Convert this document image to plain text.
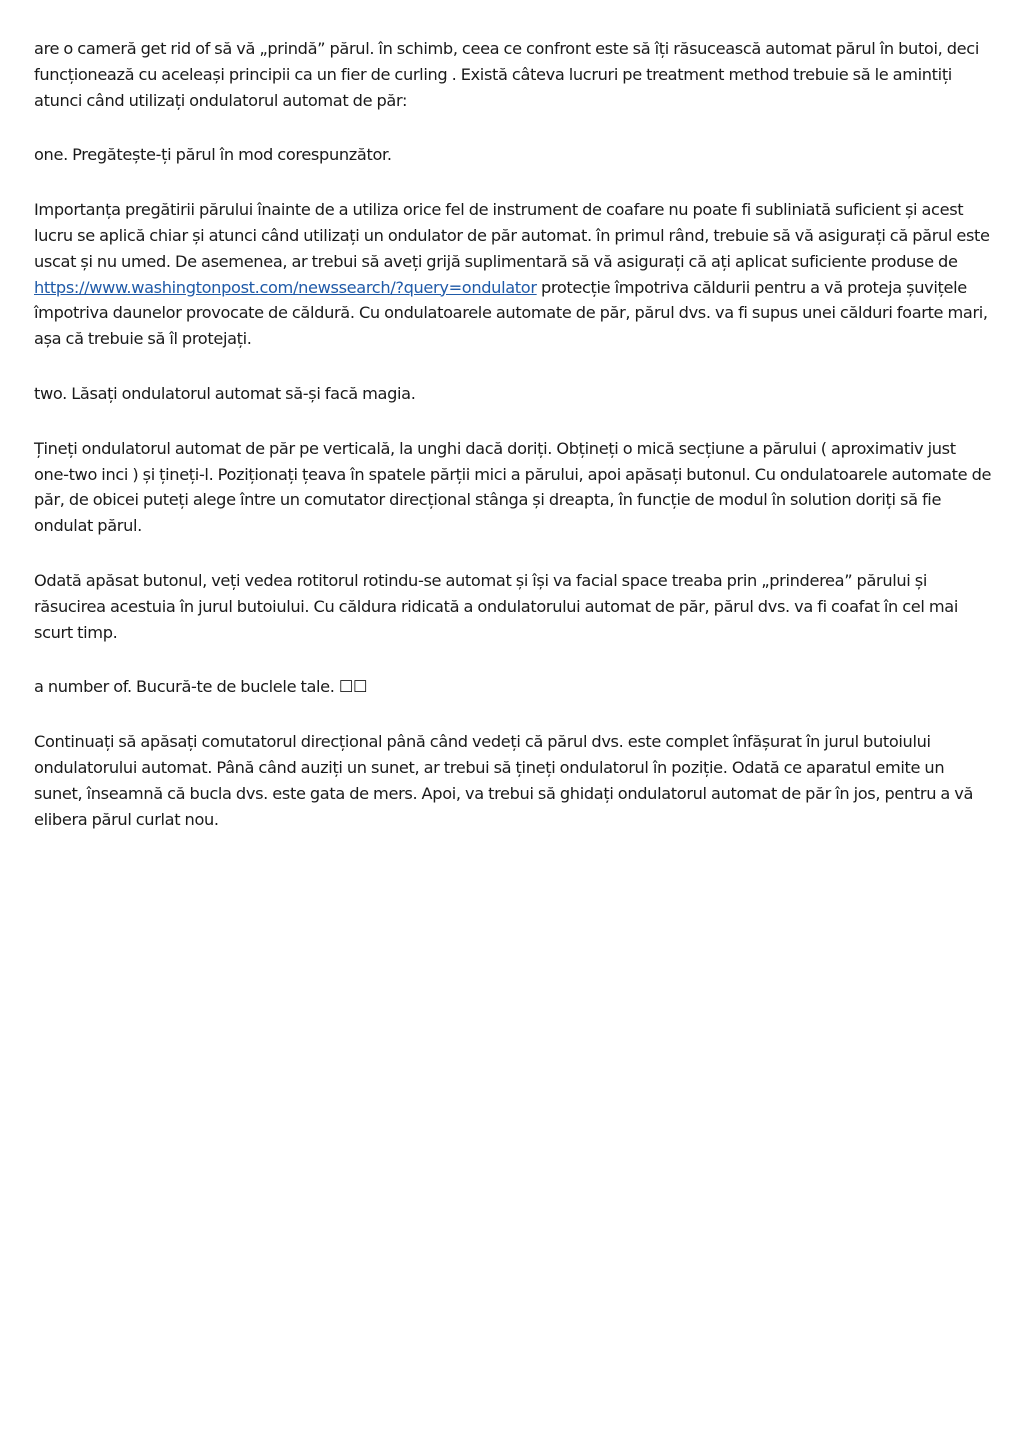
are o cameră get rid of să vă „prindă” părul. în schimb, ceea ce confront este să îți răsucească automat părul în butoi, deci funcționează cu aceleași principii ca un fier de curling . Există câteva lucruri pe treatment method trebuie să le amintiți atunci când utilizați ondulatorul automat de păr:

one. Pregătește-ți părul în mod corespunzător.

Importanța pregătirii părului înainte de a utiliza orice fel de instrument de coafare nu poate fi subliniată suficient și acest lucru se aplică chiar și atunci când utilizați un ondulator de păr automat. în primul rând, trebuie să vă asigurați că părul este uscat și nu umed. De asemenea, ar trebui să aveți grijă suplimentară să vă asigurați că ați aplicat suficiente produse de https://www.washingtonpost.com/newssearch/?query=ondulator protecție împotriva căldurii pentru a vă proteja șuvițele împotriva daunelor provocate de căldură. Cu ondulatoarele automate de păr, părul dvs. va fi supus unei călduri foarte mari, așa că trebuie să îl protejați.

two. Lăsați ondulatorul automat să-și facă magia.

Țineți ondulatorul automat de păr pe verticală, la unghi dacă doriți. Obțineți o mică secțiune a părului ( aproximativ just one-two inci ) și țineți-l. Poziționați țeava în spatele părții mici a părului, apoi apăsați butonul. Cu ondulatoarele automate de păr, de obicei puteți alege între un comutator direcțional stânga și dreapta, în funcție de modul în solution doriți să fie ondulat părul.

Odată apăsat butonul, veți vedea rotitorul rotindu-se automat și își va facial space treaba prin „prinderea” părului și răsucirea acestuia în jurul butoiului. Cu căldura ridicată a ondulatorului automat de păr, părul dvs. va fi coafat în cel mai scurt timp.

a number of. Bucură-te de buclele tale. ☐☐

Continuați să apăsați comutatorul direcțional până când vedeți că părul dvs. este complet înfășurat în jurul butoiului ondulatorului automat. Până când auziți un sunet, ar trebui să țineți ondulatorul în poziție. Odată ce aparatul emite un sunet, înseamnă că bucla dvs. este gata de mers. Apoi, va trebui să ghidați ondulatorul automat de păr în jos, pentru a vă elibera părul curlat nou.
